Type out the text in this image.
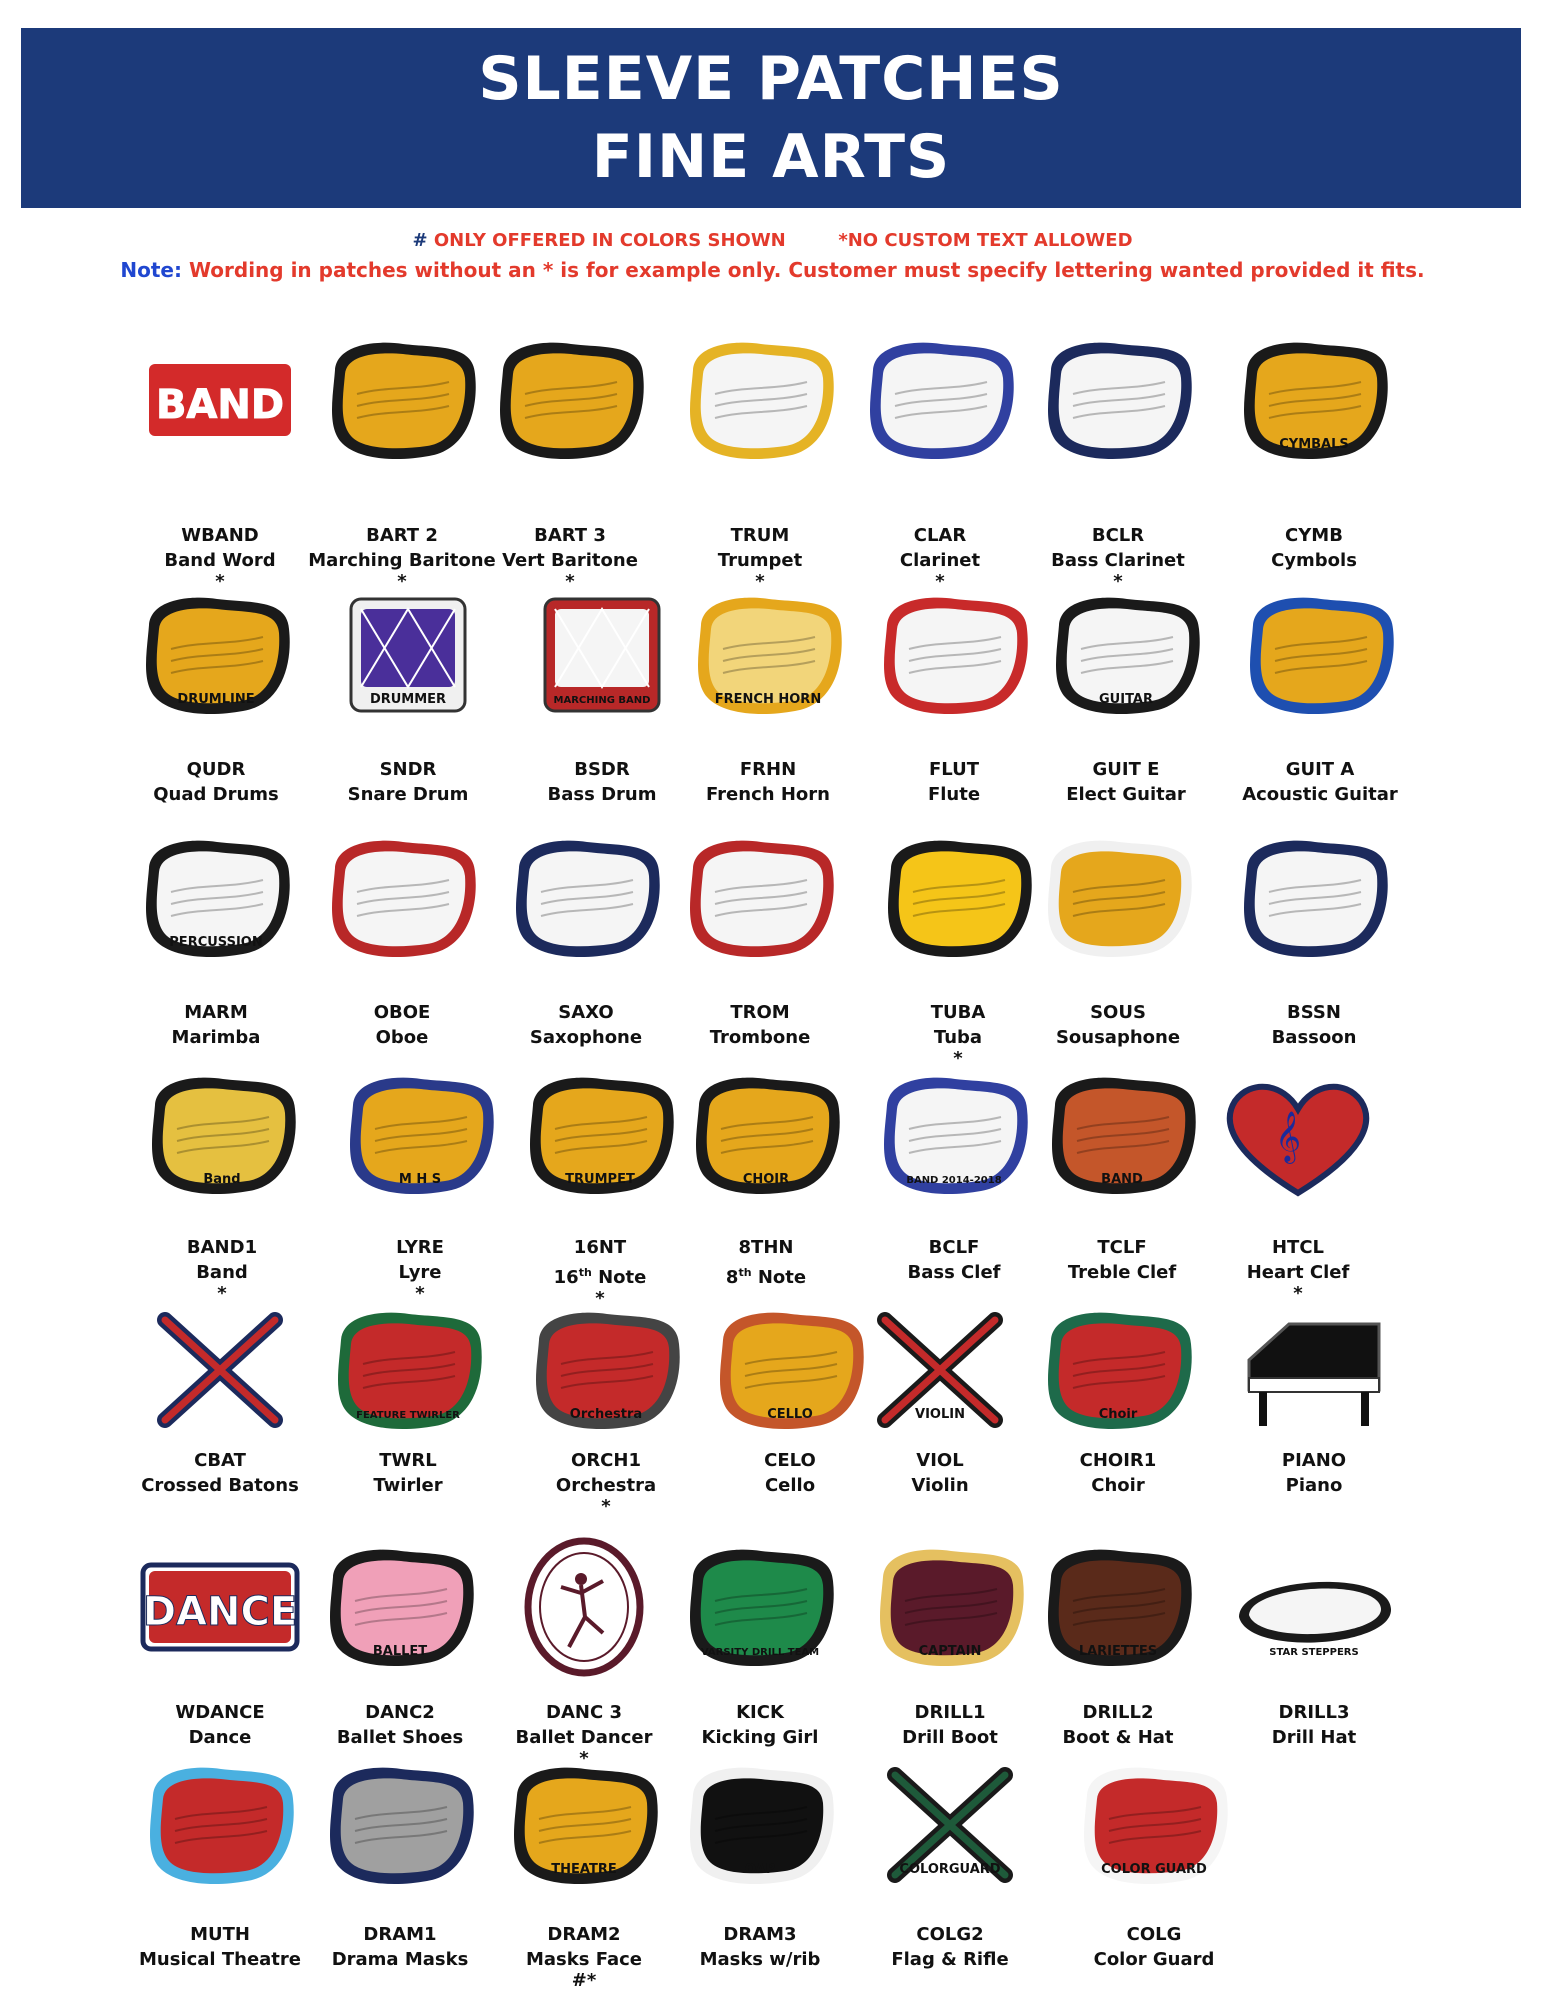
SLEEVE PATCHES
FINE ARTS
# ONLY OFFERED IN COLORS SHOWN	*NO CUSTOM TEXT ALLOWED
Note: Wording in patches without an * is for example only. Customer must specify lettering wanted provided it fits.
BAND
WBAND
Band Word
*
BART 2
Marching Baritone
*
BART 3
Vert Baritone
*
TRUM
Trumpet
*
CLAR
Clarinet
*
BCLR
Bass Clarinet
*
CYMBALS
CYMB
Cymbols
DRUMLINE
QUDR
Quad Drums
DRUMMER
SNDR
Snare Drum
MARCHING BAND
BSDR
Bass Drum
FRENCH HORN
FRHN
French Horn
FLUT
Flute
GUITAR
GUIT E
Elect Guitar
GUIT A
Acoustic Guitar
PERCUSSION
MARM
Marimba
OBOE
Oboe
SAXO
Saxophone
TROM
Trombone
TUBA
Tuba
*
SOUS
Sousaphone
BSSN
Bassoon
Band
BAND1
Band
*
M H S
LYRE
Lyre
*
TRUMPET
16NT
16th Note
*
CHOIR
8THN
8th Note
BAND 2014-2018
BCLF
Bass Clef
BAND
TCLF
Treble Clef
𝄞
HTCL
Heart Clef
*
CBAT
Crossed Batons
FEATURE TWIRLER
TWRL
Twirler
Orchestra
ORCH1
Orchestra
*
CELLO
CELO
Cello
VIOLIN
VIOL
Violin
Choir
CHOIR1
Choir
PIANO
Piano
DANCE
WDANCE
Dance
BALLET
DANC2
Ballet Shoes
DANC 3
Ballet Dancer
*
VARSITY DRILL TEAM
KICK
Kicking Girl
CAPTAIN
DRILL1
Drill Boot
LARIETTES
DRILL2
Boot & Hat
STAR STEPPERS
DRILL3
Drill Hat
MUTH
Musical Theatre
DRAM1
Drama Masks
THEATRE
DRAM2
Masks Face
#*
OAP
DRAM3
Masks w/rib
COLORGUARD
COLG2
Flag & Rifle
COLOR GUARD
COLG
Color Guard
